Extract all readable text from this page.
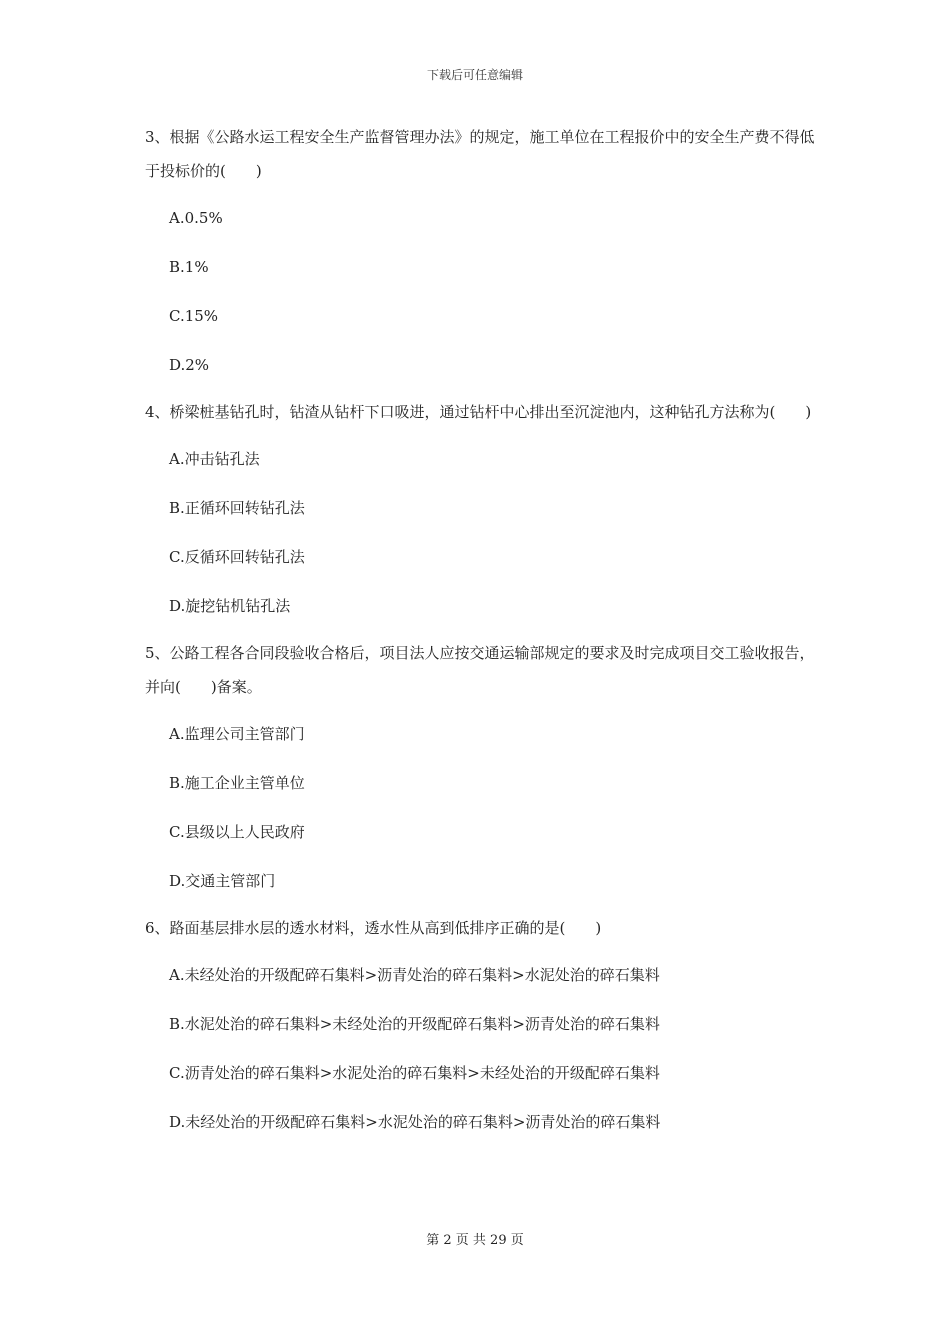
下载后可任意编辑

3、根据《公路水运工程安全生产监督管理办法》的规定，施工单位在工程报价中的安全生产费不得低于投标价的(　　)

A.0.5%

B.1%

C.15%

D.2%

4、桥梁桩基钻孔时，钻渣从钻杆下口吸进，通过钻杆中心排出至沉淀池内，这种钻孔方法称为(　　)

A.冲击钻孔法

B.正循环回转钻孔法

C.反循环回转钻孔法

D.旋挖钻机钻孔法

5、公路工程各合同段验收合格后，项目法人应按交通运输部规定的要求及时完成项目交工验收报告，并向(　　)备案。

A.监理公司主管部门

B.施工企业主管单位

C.县级以上人民政府

D.交通主管部门

6、路面基层排水层的透水材料，透水性从高到低排序正确的是(　　)

A.未经处治的开级配碎石集料>沥青处治的碎石集料>水泥处治的碎石集料

B.水泥处治的碎石集料>未经处治的开级配碎石集料>沥青处治的碎石集料

C.沥青处治的碎石集料>水泥处治的碎石集料>未经处治的开级配碎石集料

D.未经处治的开级配碎石集料>水泥处治的碎石集料>沥青处治的碎石集料

第 2 页 共 29 页
